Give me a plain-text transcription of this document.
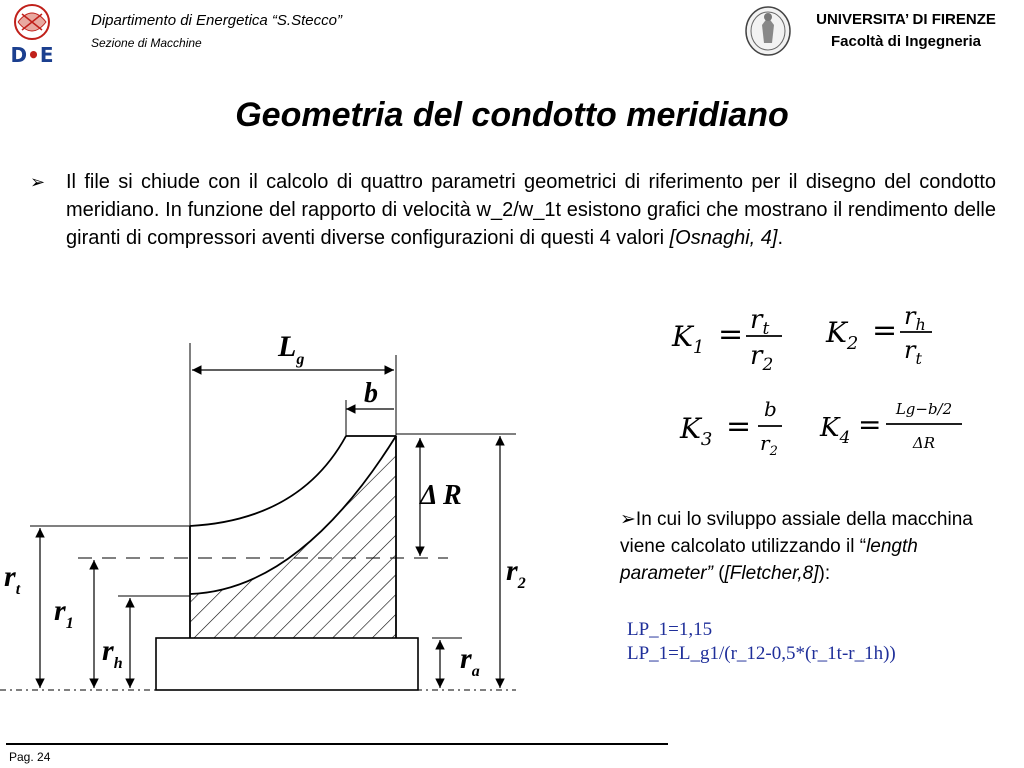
D•E
Dipartimento di Energetica “S.Stecco”
Sezione di Macchine
UNIVERSITA’ DI FIRENZE
Facoltà di Ingegneria
Geometria del condotto meridiano
➢ Il file si chiude con il calcolo di quattro parametri geometrici di riferimento per il disegno del condotto meridiano. In funzione del rapporto di velocità w_2/w_1t esistono grafici che mostrano il rendimento delle giranti di compressori aventi diverse configurazioni di questi 4 valori [Osnaghi, 4].
$L_g$
b
Δ R
$r_t$
$r_1$
$r_h$
$r_2$
$r_a$
$K_1 = r_t$
$r_2$
$K_2 = r_h$
$r_t$
$K_3 = b$
$r_2$
$K_4 = Lg-b/2$
ΔR
➢In cui lo sviluppo assiale della macchina viene calcolato utilizzando il “length parameter” ([Fletcher,8]):
LP_1=1,15
LP_1=L_g1/(r_12-0,5*(r_1t-r_1h))
Pag. 24
